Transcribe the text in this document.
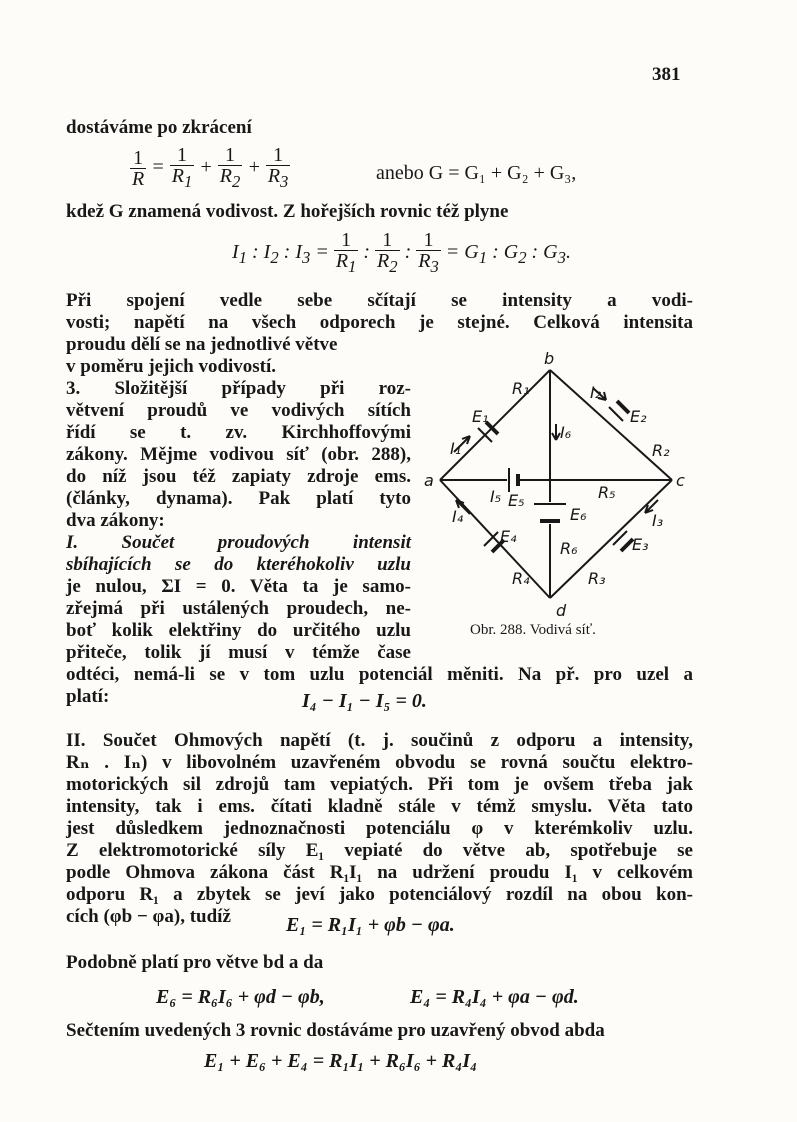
381
dostáváme po zkrácení
$\frac{1}{R} = \frac{1}{R_1} + \frac{1}{R_2} + \frac{1}{R_3}$	anebo G = G₁ + G₂ + G₃,
kdež G znamená vodivost. Z hořejších rovnic též plyne
$I_1$ : $I_2$ : $I_3 = \frac{1}{R_1}$ : $\frac{1}{R_2}$ : $\frac{1}{R_3} = G_1$ : $G_2$ : $G_3$.
Při spojení vedle sebe sčítají se intensity a vodi-
vosti; napětí na všech odporech je stejné. Celková intensita
proudu dělí se na jednotlivé větve
v poměru jejich vodivostí.
3. Složitější případy při roz-
větvení proudů ve vodivých sítích
řídí se t. zv. Kirchhoffovými
zákony. Mějme vodivou síť (obr. 288),
do níž jsou též zapiaty zdroje ems.
(články, dynama). Pak platí tyto
dva zákony:
I. Součet proudových intensit
sbíhajících se do kteréhokoliv uzlu
je nulou, ΣI = 0. Věta ta je samo-
zřejmá při ustálených proudech, ne-
boť kolik elektřiny do určitého uzlu
přiteče, tolik jí musí v témže čase
odtéci, nemá-li se v tom uzlu potenciál měniti. Na př. pro uzel a
platí:	I₄ − I₁ − I₅ = 0.
b
a	c
d
R₁
R₂
R₃
R₄
R₅
R₆
I₁
I₂
I₃
I₄
I₅
I₆
E₁	E₂
E₃
E₄
E₅
E₆
Obr. 288. Vodivá síť.
II. Součet Ohmových napětí (t. j. součinů z odporu a intensity,
Rₙ . Iₙ) v libovolném uzavřeném obvodu se rovná součtu elektro-
motorických sil zdrojů tam vepiatých. Při tom je ovšem třeba jak
intensity, tak i ems. čítati kladně stále v témž smyslu. Věta tato
jest důsledkem jednoznačnosti potenciálu φ v kterémkoliv uzlu.
Z elektromotorické síly E₁ vepiaté do větve ab, spotřebuje se
podle Ohmova zákona část R₁I₁ na udržení proudu I₁ v celkovém
odporu R₁ a zbytek se jeví jako potenciálový rozdíl na obou kon-
cích (φb − φa), tudíž	E₁ = R₁I₁ + φb − φa.
Podobně platí pro větve bd a da
E₆ = R₆I₆ + φd − φb,	E₄ = R₄I₄ + φa − φd.
Sečtením uvedených 3 rovnic dostáváme pro uzavřený obvod abda
E₁ + E₆ + E₄ = R₁I₁ + R₆I₆ + R₄I₄
